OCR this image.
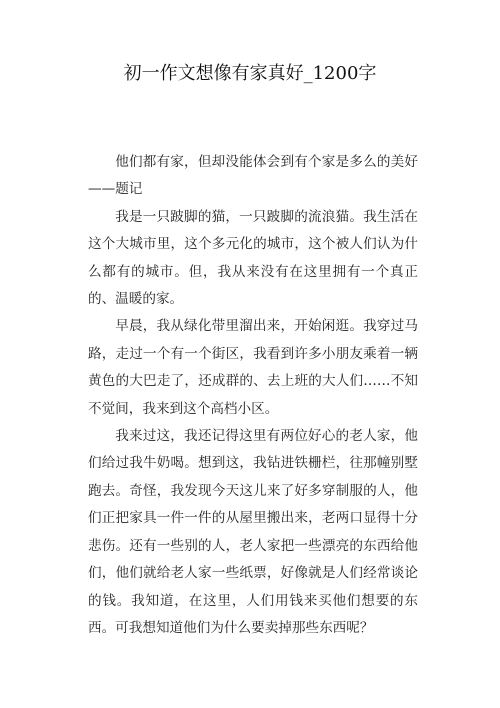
初一作文想像有家真好_1200字

他们都有家，但却没能体会到有个家是多么的美好——题记

我是一只跛脚的猫，一只跛脚的流浪猫。我生活在这个大城市里，这个多元化的城市，这个被人们认为什么都有的城市。但，我从来没有在这里拥有一个真正的、温暖的家。

早晨，我从绿化带里溜出来，开始闲逛。我穿过马路，走过一个有一个街区，我看到许多小朋友乘着一辆黄色的大巴走了，还成群的、去上班的大人们……不知不觉间，我来到这个高档小区。

我来过这，我还记得这里有两位好心的老人家，他们给过我牛奶喝。想到这，我钻进铁栅栏，往那幢别墅跑去。奇怪，我发现今天这儿来了好多穿制服的人，他们正把家具一件一件的从屋里搬出来，老两口显得十分悲伤。还有一些别的人，老人家把一些漂亮的东西给他们，他们就给老人家一些纸票，好像就是人们经常谈论的钱。我知道，在这里，人们用钱来买他们想要的东西。可我想知道他们为什么要卖掉那些东西呢？
